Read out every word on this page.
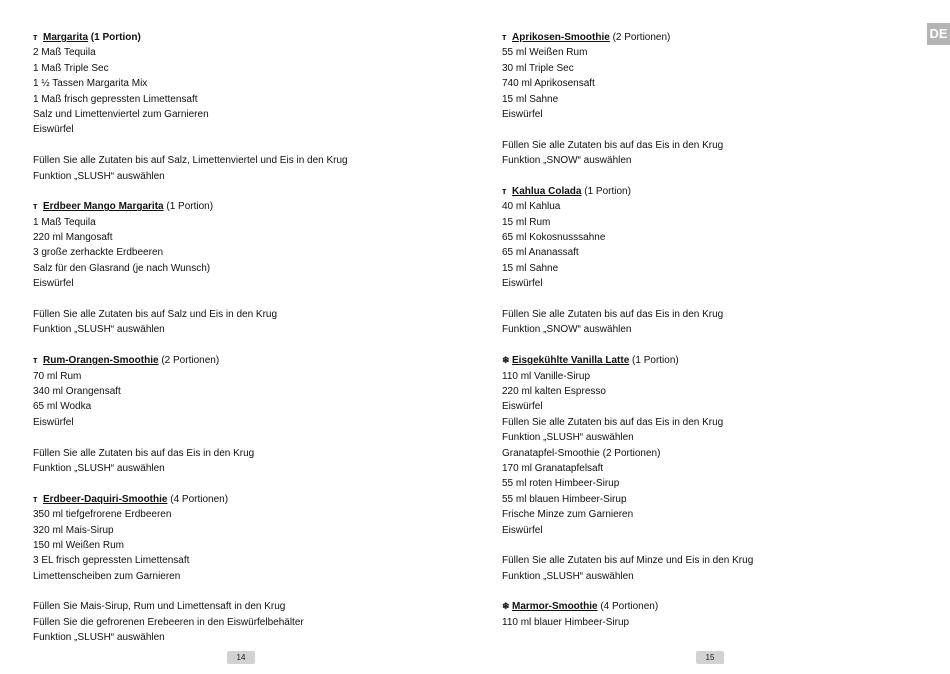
DE
ᴛ Margarita (1 Portion)
2 Maß Tequila
1 Maß Triple Sec
1 ½ Tassen Margarita Mix
1 Maß frisch gepressten Limettensaft
Salz und Limettenviertel zum Garnieren
Eiswürfel
Füllen Sie alle Zutaten bis auf Salz, Limettenviertel und Eis in den Krug
Funktion „SLUSH“ auswählen
ᴛ Erdbeer Mango Margarita (1 Portion)
1 Maß Tequila
220 ml Mangosaft
3 große zerhackte Erdbeeren
Salz für den Glasrand (je nach Wunsch)
Eiswürfel
Füllen Sie alle Zutaten bis auf Salz und Eis in den Krug
Funktion „SLUSH“ auswählen
ᴛ Rum-Orangen-Smoothie (2 Portionen)
70 ml Rum
340 ml Orangensaft
65 ml Wodka
Eiswürfel
Füllen Sie alle Zutaten bis auf das Eis in den Krug
Funktion „SLUSH“ auswählen
ᴛ Erdbeer-Daquiri-Smoothie (4 Portionen)
350 ml tiefgefrorene Erdbeeren
320 ml Mais-Sirup
150 ml Weißen Rum
3 EL frisch gepressten Limettensaft
Limettenscheiben zum Garnieren
Füllen Sie Mais-Sirup, Rum und Limettensaft in den Krug
Füllen Sie die gefrorenen Erebeeren in den Eiswürfelbehälter
Funktion „SLUSH“ auswählen
ᴛ Aprikosen-Smoothie (2 Portionen)
55 ml Weißen Rum
30 ml Triple Sec
740 ml Aprikosensaft
15 ml Sahne
Eiswürfel
Füllen Sie alle Zutaten bis auf das Eis in den Krug
Funktion „SNOW“ auswählen
ᴛ Kahlua Colada (1 Portion)
40 ml Kahlua
15 ml Rum
65 ml Kokosnusssahne
65 ml Ananassaft
15 ml Sahne
Eiswürfel
Füllen Sie alle Zutaten bis auf das Eis in den Krug
Funktion „SNOW“ auswählen
❄ Eisgekühlte Vanilla Latte (1 Portion)
110 ml Vanille-Sirup
220 ml kalten Espresso
Eiswürfel
Füllen Sie alle Zutaten bis auf das Eis in den Krug
Funktion „SLUSH“ auswählen
Granatapfel-Smoothie (2 Portionen)
170 ml Granatapfelsaft
55 ml roten Himbeer-Sirup
55 ml blauen Himbeer-Sirup
Frische Minze zum Garnieren
Eiswürfel
Füllen Sie alle Zutaten bis auf Minze und Eis in den Krug
Funktion „SLUSH“ auswählen
❄ Marmor-Smoothie (4 Portionen)
110 ml blauer Himbeer-Sirup
14	15
